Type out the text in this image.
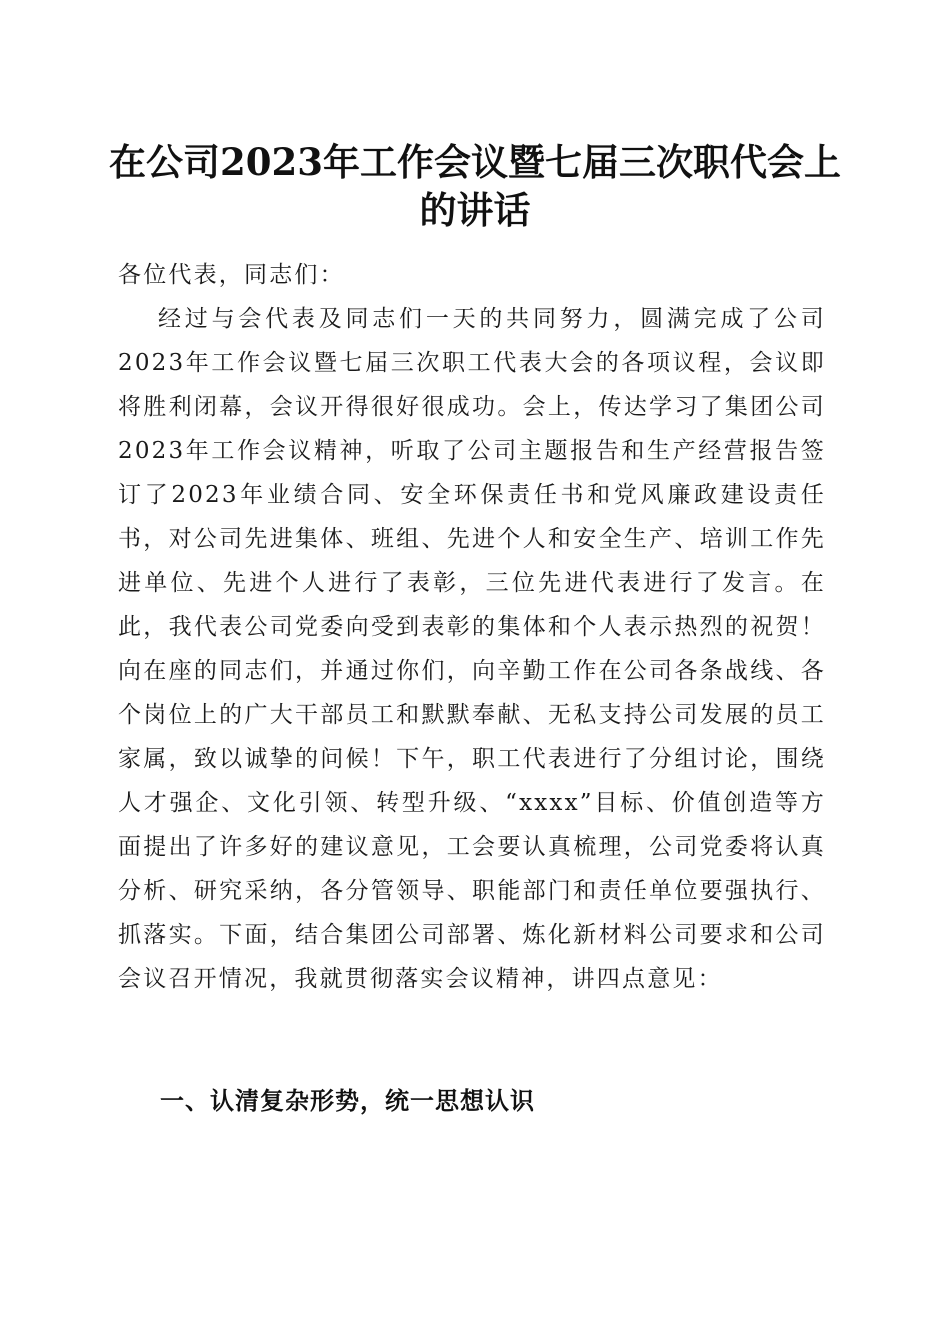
在公司2023年工作会议暨七届三次职代会上的讲话

各位代表，同志们：

经过与会代表及同志们一天的共同努力，圆满完成了公司2023年工作会议暨七届三次职工代表大会的各项议程，会议即将胜利闭幕，会议开得很好很成功。会上，传达学习了集团公司2023年工作会议精神，听取了公司主题报告和生产经营报告签订了2023年业绩合同、安全环保责任书和党风廉政建设责任书，对公司先进集体、班组、先进个人和安全生产、培训工作先进单位、先进个人进行了表彰，三位先进代表进行了发言。在此，我代表公司党委向受到表彰的集体和个人表示热烈的祝贺！向在座的同志们，并通过你们，向辛勤工作在公司各条战线、各个岗位上的广大干部员工和默默奉献、无私支持公司发展的员工家属，致以诚挚的问候！下午，职工代表进行了分组讨论，围绕人才强企、文化引领、转型升级、“xxxx”目标、价值创造等方面提出了许多好的建议意见，工会要认真梳理，公司党委将认真分析、研究采纳，各分管领导、职能部门和责任单位要强执行、抓落实。下面，结合集团公司部署、炼化新材料公司要求和公司会议召开情况，我就贯彻落实会议精神，讲四点意见：

一、认清复杂形势，统一思想认识
